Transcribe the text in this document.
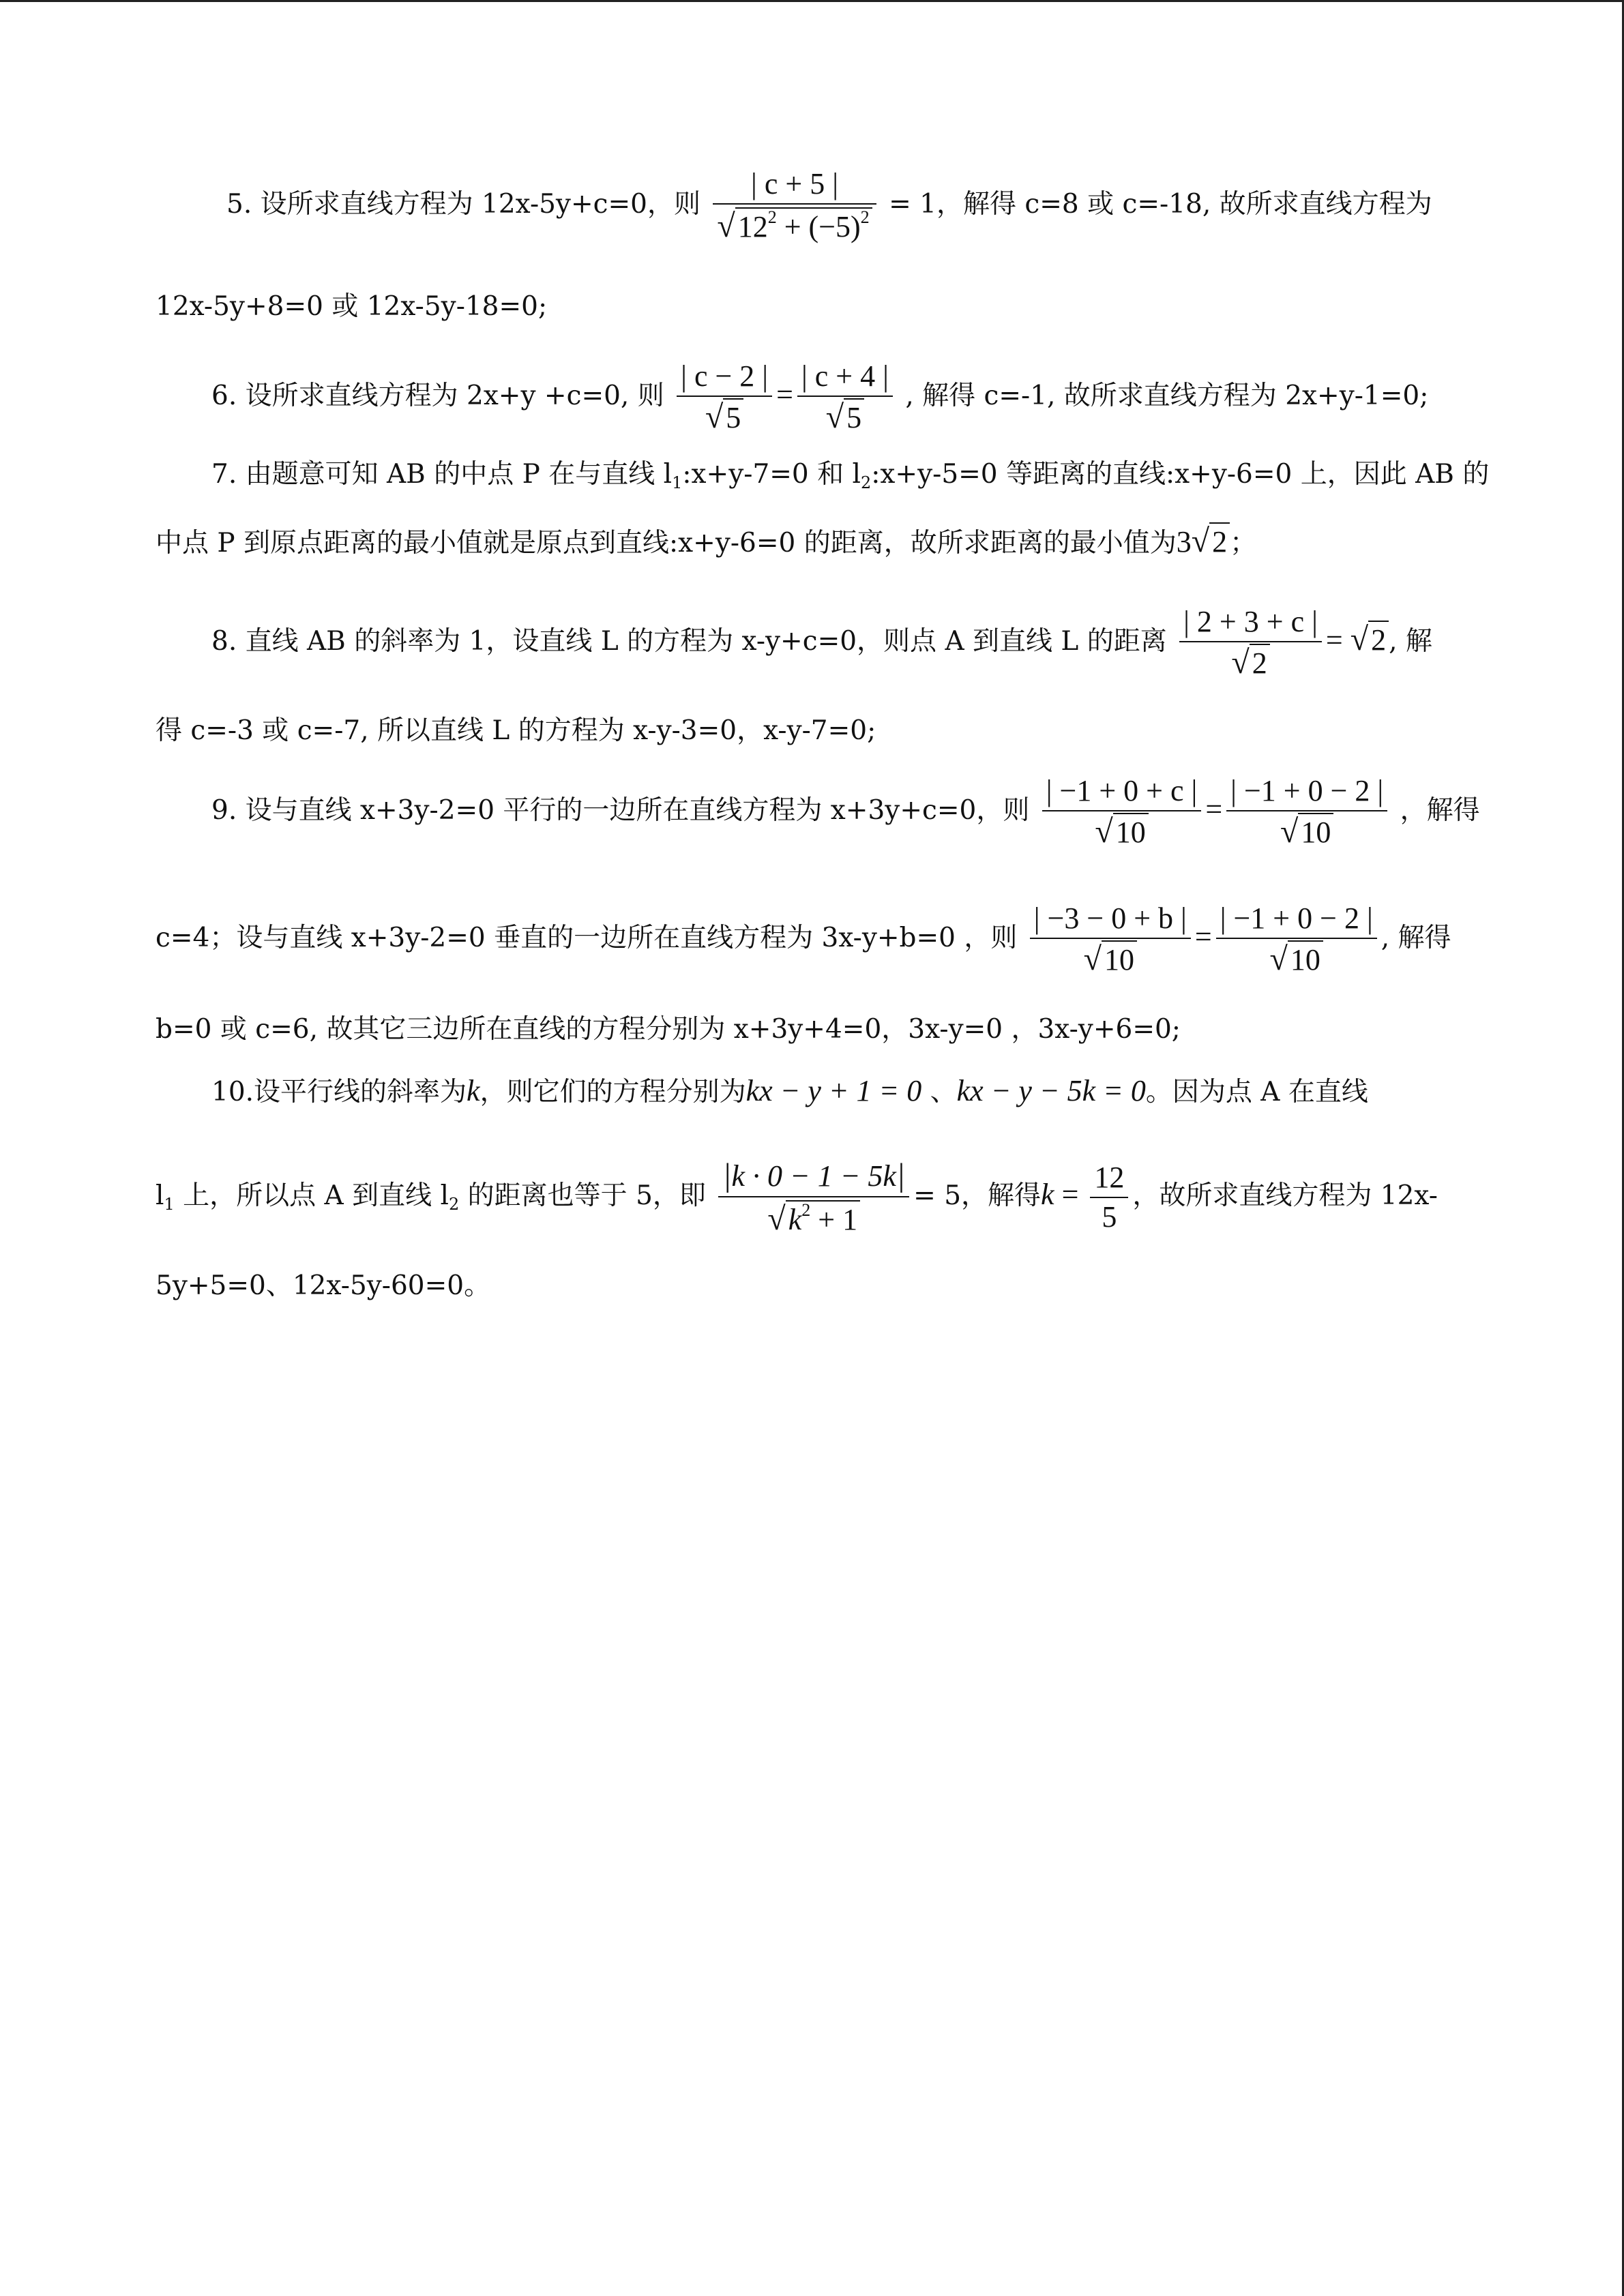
5. 设所求直线方程为 12x-5y+c=0，则 $\frac{| c + 5 |}{√12^2 + (-5)^2} = 1$，解得 c=8 或 c=-18, 故所求直线方程为
12x-5y+8=0 或 12x-5y-18=0;
6. 设所求直线方程为 2x+y +c=0, 则 $\frac{| c - 2 |}{√5} = \frac{| c + 4 |}{√5}$ , 解得 c=-1, 故所求直线方程为 2x+y-1=0;
7. 由题意可知 AB 的中点 P 在与直线 $l_1:x+y-7=0$ 和 $l_2:x+y-5=0$ 等距离的直线:x+y-6=0 上，因此 AB 的
中点 P 到原点距离的最小值就是原点到直线:x+y-6=0 的距离，故所求距离的最小值为3√2 ；
8. 直线 AB 的斜率为 1，设直线 L 的方程为 x-y+c=0，则点 A 到直线 L 的距离 $\frac{| 2 + 3 + c |}{√2} = √2$ , 解
得 c=-3 或 c=-7, 所以直线 L 的方程为 x-y-3=0，x-y-7=0;
9. 设与直线 x+3y-2=0 平行的一边所在直线方程为 x+3y+c=0，则 $\frac{| -1 + 0 + c |}{√10} = \frac{| -1 + 0 - 2 |}{√10}$ ，解得
c=4；设与直线 x+3y-2=0 垂直的一边所在直线方程为 3x-y+b=0 ，则 $\frac{| -3 - 0 + b |}{√10} = \frac{| -1 + 0 - 2 |}{√10}$ , 解得
b=0 或 c=6, 故其它三边所在直线的方程分别为 x+3y+4=0，3x-y=0 ，3x-y+6=0;
10.设平行线的斜率为k，则它们的方程分别为kx − y + 1 = 0 、kx − y − 5k = 0。因为点 A 在直线
$l_1$ 上，所以点 A 到直线 $l_2$ 的距离也等于 5，即 $\frac{|k \cdot 0 - 1 - 5k|}{√k^2 + 1} = 5$，解得$k = \frac{12}{5}$ ，故所求直线方程为 12x-
5y+5=0、12x-5y-60=0。
